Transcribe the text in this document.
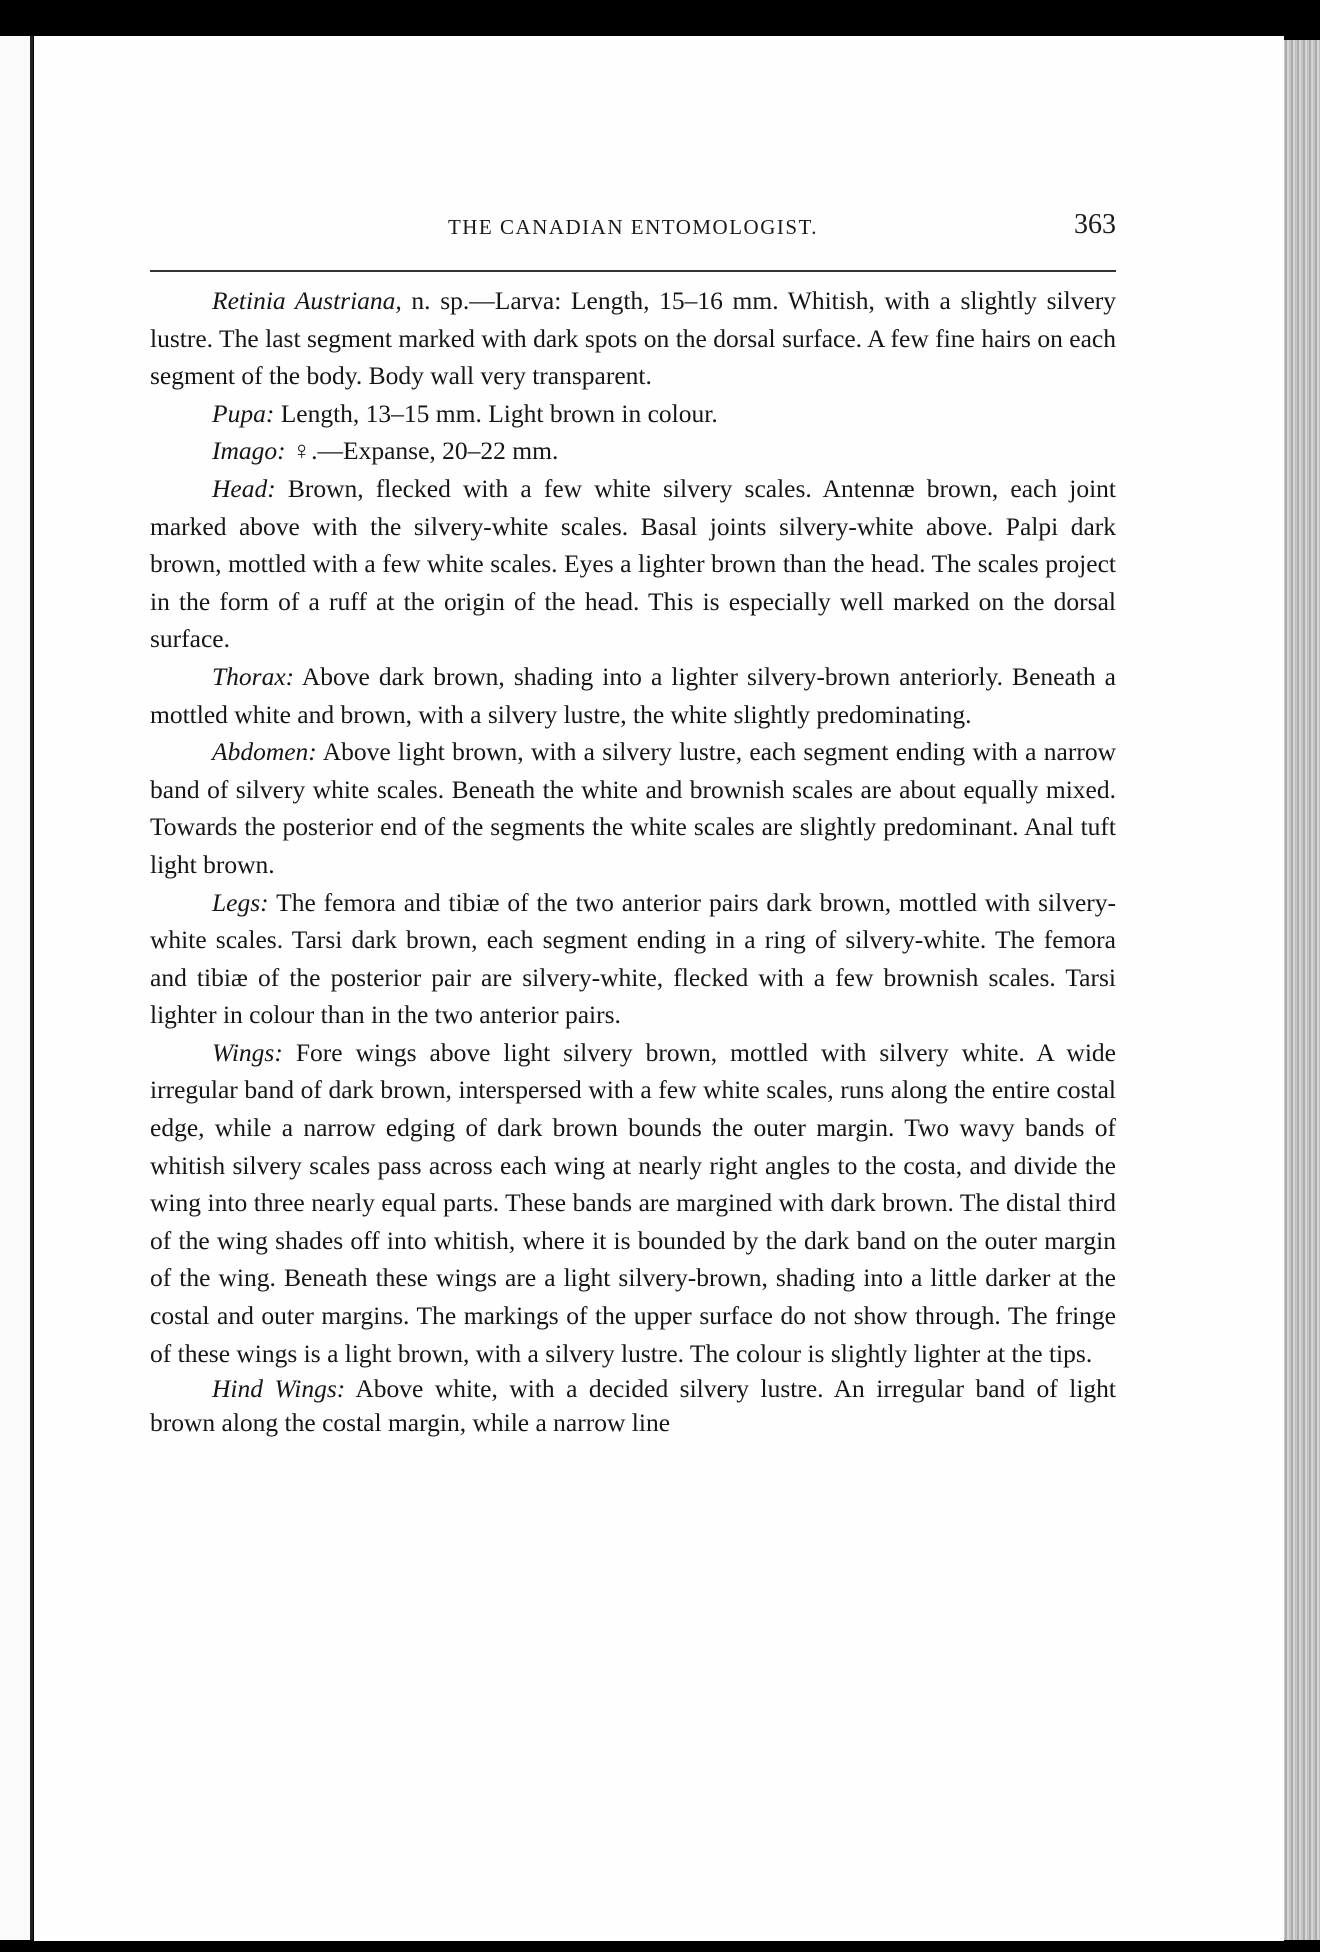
THE CANADIAN ENTOMOLOGIST.	363

Retinia Austriana, n. sp.—Larva: Length, 15–16 mm. Whitish, with a slightly silvery lustre. The last segment marked with dark spots on the dorsal surface. A few fine hairs on each segment of the body. Body wall very transparent.

Pupa: Length, 13–15 mm. Light brown in colour.

Imago: ♀.—Expanse, 20–22 mm.

Head: Brown, flecked with a few white silvery scales. Antennæ brown, each joint marked above with the silvery-white scales. Basal joints silvery-white above. Palpi dark brown, mottled with a few white scales. Eyes a lighter brown than the head. The scales project in the form of a ruff at the origin of the head. This is especially well marked on the dorsal surface.

Thorax: Above dark brown, shading into a lighter silvery-brown anteriorly. Beneath a mottled white and brown, with a silvery lustre, the white slightly predominating.

Abdomen: Above light brown, with a silvery lustre, each segment ending with a narrow band of silvery white scales. Beneath the white and brownish scales are about equally mixed. Towards the posterior end of the segments the white scales are slightly predominant. Anal tuft light brown.

Legs: The femora and tibiæ of the two anterior pairs dark brown, mottled with silvery-white scales. Tarsi dark brown, each segment ending in a ring of silvery-white. The femora and tibiæ of the posterior pair are silvery-white, flecked with a few brownish scales. Tarsi lighter in colour than in the two anterior pairs.

Wings: Fore wings above light silvery brown, mottled with silvery white. A wide irregular band of dark brown, interspersed with a few white scales, runs along the entire costal edge, while a narrow edging of dark brown bounds the outer margin. Two wavy bands of whitish silvery scales pass across each wing at nearly right angles to the costa, and divide the wing into three nearly equal parts. These bands are margined with dark brown. The distal third of the wing shades off into whitish, where it is bounded by the dark band on the outer margin of the wing. Beneath these wings are a light silvery-brown, shading into a little darker at the costal and outer margins. The markings of the upper surface do not show through. The fringe of these wings is a light brown, with a silvery lustre. The colour is slightly lighter at the tips.

Hind Wings: Above white, with a decided silvery lustre. An irregular band of light brown along the costal margin, while a narrow line
